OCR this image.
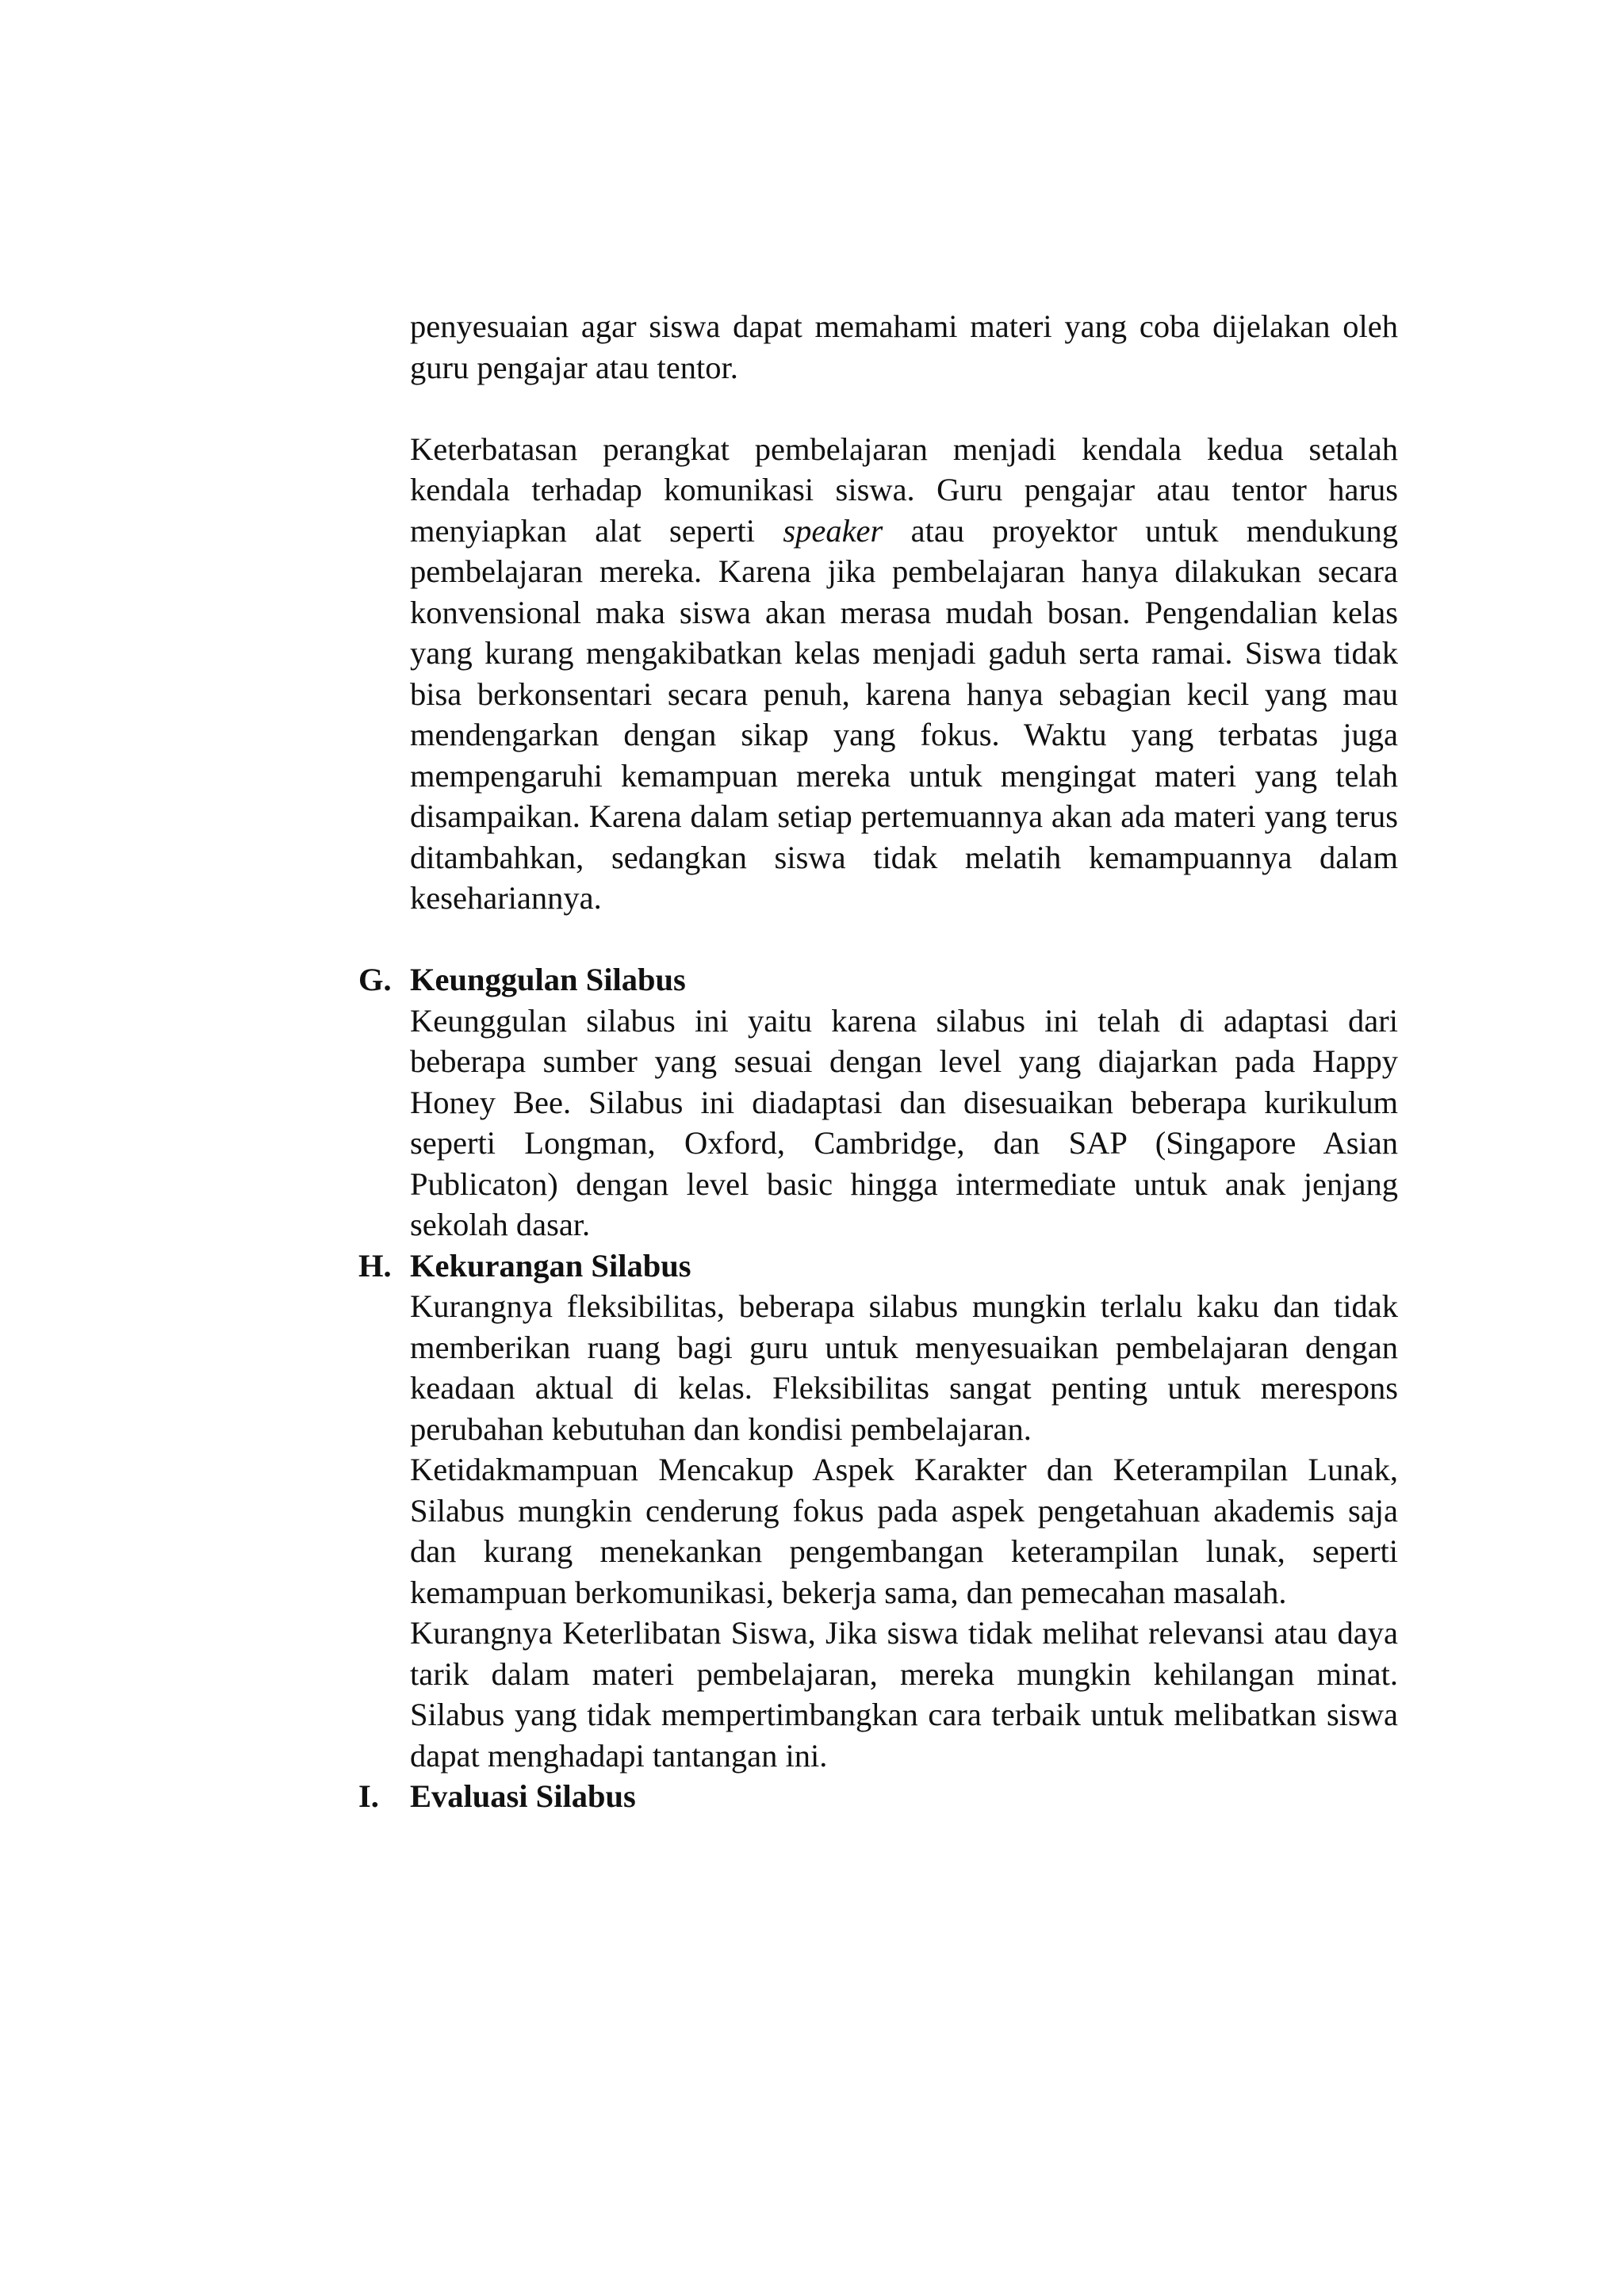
penyesuaian agar siswa dapat memahami materi yang coba dijelakan oleh guru pengajar atau tentor.

Keterbatasan perangkat pembelajaran menjadi kendala kedua setalah kendala terhadap komunikasi siswa. Guru pengajar atau tentor harus menyiapkan alat seperti speaker atau proyektor untuk mendukung pembelajaran mereka. Karena jika pembelajaran hanya dilakukan secara konvensional maka siswa akan merasa mudah bosan. Pengendalian kelas yang kurang mengakibatkan kelas menjadi gaduh serta ramai. Siswa tidak bisa berkonsentari secara penuh, karena hanya sebagian kecil yang mau mendengarkan dengan sikap yang fokus. Waktu yang terbatas juga mempengaruhi kemampuan mereka untuk mengingat materi yang telah disampaikan. Karena dalam setiap pertemuannya akan ada materi yang terus ditambahkan, sedangkan siswa tidak melatih kemampuannya dalam kesehariannya.

G. Keunggulan Silabus

Keunggulan silabus ini yaitu karena silabus ini telah di adaptasi dari beberapa sumber yang sesuai dengan level yang diajarkan pada Happy Honey Bee. Silabus ini diadaptasi dan disesuaikan beberapa kurikulum seperti Longman, Oxford, Cambridge, dan SAP (Singapore Asian Publicaton) dengan level basic hingga intermediate untuk anak jenjang sekolah dasar.

H. Kekurangan Silabus

Kurangnya fleksibilitas, beberapa silabus mungkin terlalu kaku dan tidak memberikan ruang bagi guru untuk menyesuaikan pembelajaran dengan keadaan aktual di kelas. Fleksibilitas sangat penting untuk merespons perubahan kebutuhan dan kondisi pembelajaran.

Ketidakmampuan Mencakup Aspek Karakter dan Keterampilan Lunak, Silabus mungkin cenderung fokus pada aspek pengetahuan akademis saja dan kurang menekankan pengembangan keterampilan lunak, seperti kemampuan berkomunikasi, bekerja sama, dan pemecahan masalah.

Kurangnya Keterlibatan Siswa, Jika siswa tidak melihat relevansi atau daya tarik dalam materi pembelajaran, mereka mungkin kehilangan minat. Silabus yang tidak mempertimbangkan cara terbaik untuk melibatkan siswa dapat menghadapi tantangan ini.

I. Evaluasi Silabus
